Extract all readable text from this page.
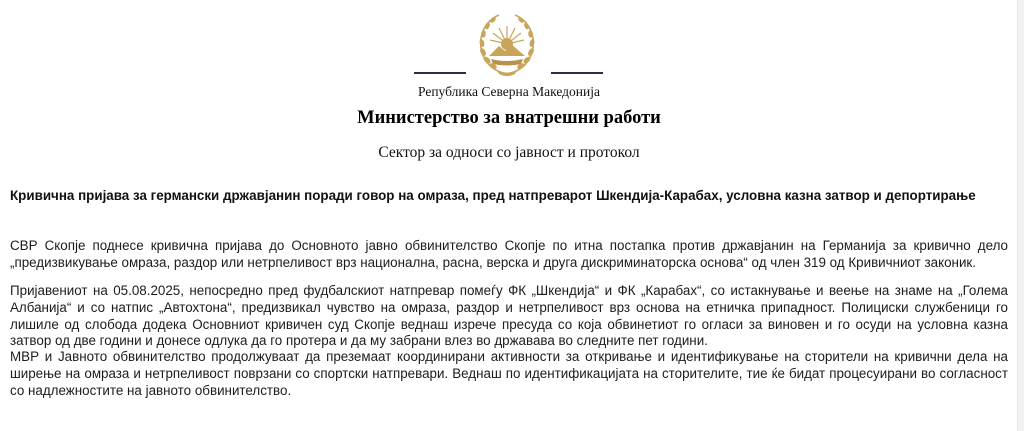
Република Северна Македонија
Министерство за внатрешни работи
Сектор за односи со јавност и протокол
Кривична пријава за германски државјанин поради говор на омраза, пред натпреварот Шкендија-Карабах, условна казна затвор и депортирање
СВР Скопје поднесе кривична пријава до Основното јавно обвинителство Скопје по итна постапка против државјанин на Германија за кривично дело „предизвикување омраза, раздор или нетрпеливост врз национална, расна, верска и друга дискриминаторска основа“ од член 319 од Кривичниот законик.
Пријавениот на 05.08.2025, непосредно пред фудбалскиот натпревар помеѓу ФК „Шкендија“ и ФК „Карабах“, со истакнување и веење на знаме на „Голема Албанија“ и со натпис „Автохтона“, предизвикал чувство на омраза, раздор и нетрпеливост врз основа на етничка припадност. Полициски службеници го лишиле од слобода додека Основниот кривичен суд Скопје веднаш изрече пресуда со која обвинетиот го огласи за виновен и го осуди на условна казна затвор од две години и донесе одлука да го протера и да му забрани влез во државава во следните пет години.
МВР и Јавното обвинителство продолжуваат да преземаат координирани активности за откривање и идентификување на сторители на кривични дела на ширење на омраза и нетрпеливост поврзани со спортски натпревари. Веднаш по идентификацијата на сторителите, тие ќе бидат процесуирани во согласност со надлежностите на јавното обвинителство.
